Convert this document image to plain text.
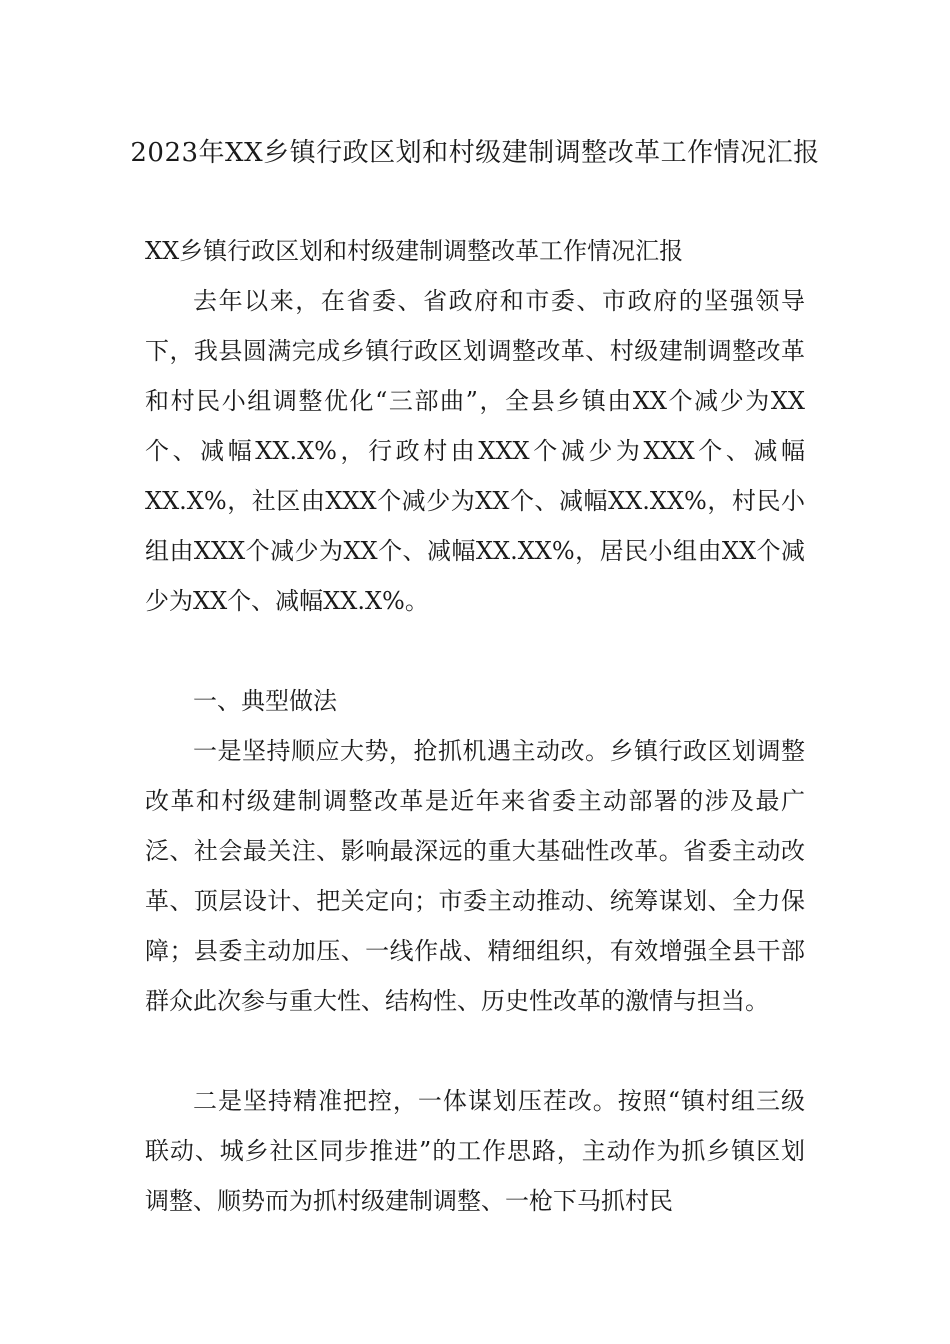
2023年XX乡镇行政区划和村级建制调整改革工作情况汇报
XX乡镇行政区划和村级建制调整改革工作情况汇报

去年以来，在省委、省政府和市委、市政府的坚强领导下，我县圆满完成乡镇行政区划调整改革、村级建制调整改革和村民小组调整优化“三部曲”，全县乡镇由XX个减少为XX个、减幅XX.X%，行政村由XXX个减少为XXX个、减幅XX.X%，社区由XXX个减少为XX个、减幅XX.XX%，村民小组由XXX个减少为XX个、减幅XX.XX%，居民小组由XX个减少为XX个、减幅XX.X%。

一、典型做法

一是坚持顺应大势，抢抓机遇主动改。乡镇行政区划调整改革和村级建制调整改革是近年来省委主动部署的涉及最广泛、社会最关注、影响最深远的重大基础性改革。省委主动改革、顶层设计、把关定向；市委主动推动、统筹谋划、全力保障；县委主动加压、一线作战、精细组织，有效增强全县干部群众此次参与重大性、结构性、历史性改革的激情与担当。

二是坚持精准把控，一体谋划压茬改。按照“镇村组三级联动、城乡社区同步推进”的工作思路，主动作为抓乡镇区划调整、顺势而为抓村级建制调整、一枪下马抓村民
